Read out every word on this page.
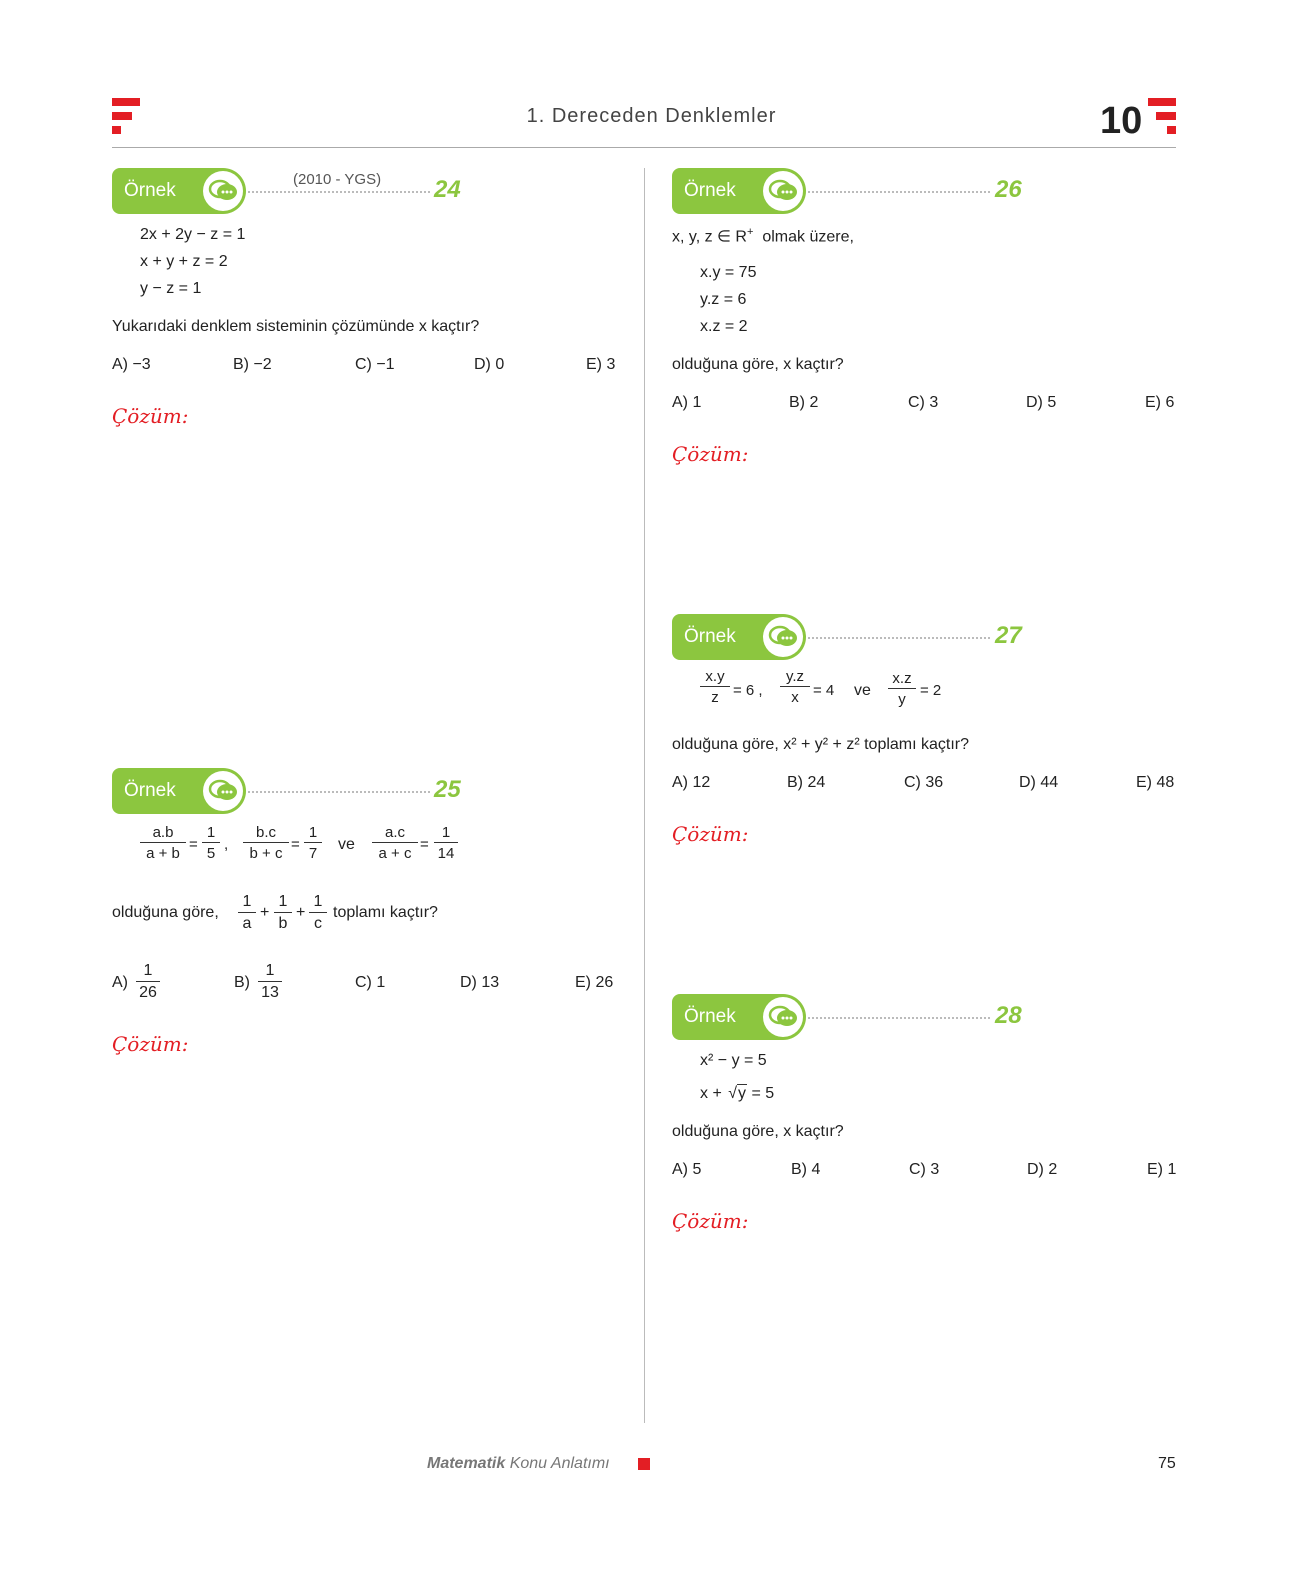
1. Dereceden Denklemler	10
Örnek
(2010 - YGS) 24
2x + 2y − z = 1
x + y + z = 2
y − z = 1
Yukarıdaki denklem sisteminin çözümünde x kaçtır?
A) −3	B) −2	C) −1	D) 0	E) 3
Çözüm:
Örnek	25
$\frac{a.b}{a + b} = \frac{1}{5}$ , $\frac{b.c}{b + c} = \frac{1}{7}$ ve $\frac{a.c}{a + c} = \frac{1}{14}$
olduğuna göre, $\frac{1}{a} + \frac{1}{b} + \frac{1}{c}$ toplamı kaçtır?
$A) \frac{1}{26}$	$B) \frac{1}{13}$	C) 1	D) 13	E) 26
Çözüm:
Örnek	26
x, y, z ∈ R+ olmak üzere,
x.y = 75
y.z = 6
x.z = 2
olduğuna göre, x kaçtır?
A) 1	B) 2	C) 3	D) 5	E) 6
Çözüm:
Örnek	27
$\frac{x.y}{z} = 6$ , $\frac{y.z}{x} = 4$ ve $\frac{x.z}{y} = 2$
olduğuna göre, x² + y² + z² toplamı kaçtır?
A) 12	B) 24	C) 36	D) 44	E) 48
Çözüm:
Örnek	28
x² − y = 5
x + √y = 5
olduğuna göre, x kaçtır?
A) 5	B) 4	C) 3	D) 2	E) 1
Çözüm:
Matematik Konu Anlatımı	75
